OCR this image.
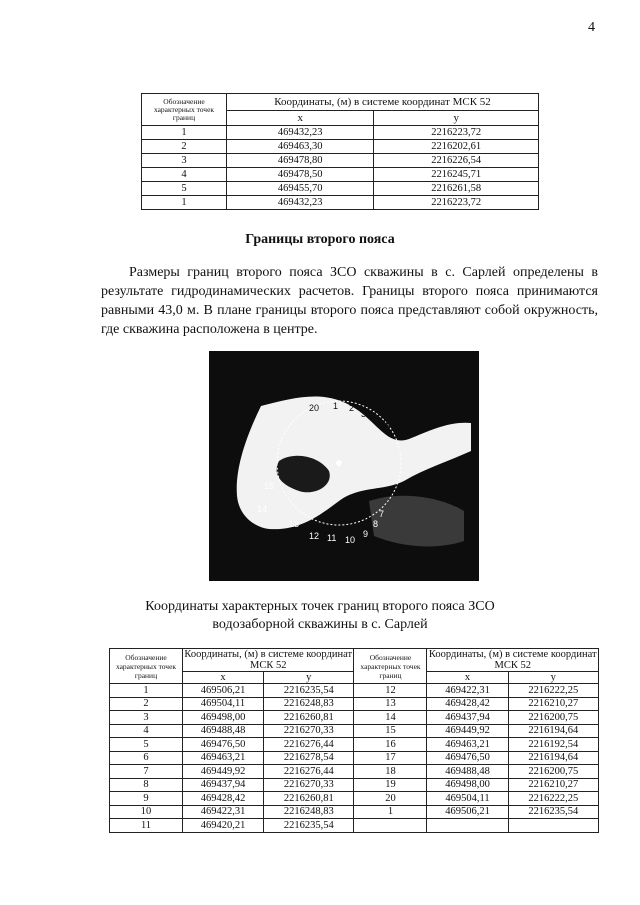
4
Обозначение характерных точек границ	Координаты, (м) в системе координат МСК 52	
	х	у
1	469432,23	2216223,72
2	469463,30	2216202,61
3	469478,80	2216226,54
4	469478,50	2216245,71
5	469455,70	2216261,58
1	469432,23	2216223,72
Границы второго пояса

Размеры границ второго пояса ЗСО скважины в с. Сарлей определены в результате гидродинамических расчетов. Границы второго пояса принимаются равными 43,0 м. В плане границы второго пояса представляют собой окружность, где скважина расположена в центре.

20 1 2
3 4
5
15
14
13
12 11 10
9
8
7
Координаты характерных точек границ второго пояса ЗСО
водозаборной скважины в с. Сарлей
Обозначение характерных точек границ	Координаты, (м) в системе координат МСК 52		Обозначение характерных точек границ	Координаты, (м) в системе координат МСК 52	
	х	у		х	у
1	469506,21	2216235,54	12	469422,31	2216222,25
2	469504,11	2216248,83	13	469428,42	2216210,27
3	469498,00	2216260,81	14	469437,94	2216200,75
4	469488,48	2216270,33	15	469449,92	2216194,64
5	469476,50	2216276,44	16	469463,21	2216192,54
6	469463,21	2216278,54	17	469476,50	2216194,64
7	469449,92	2216276,44	18	469488,48	2216200,75
8	469437,94	2216270,33	19	469498,00	2216210,27
9	469428,42	2216260,81	20	469504,11	2216222,25
10	469422,31	2216248,83	1	469506,21	2216235,54
11	469420,21	2216235,54			
